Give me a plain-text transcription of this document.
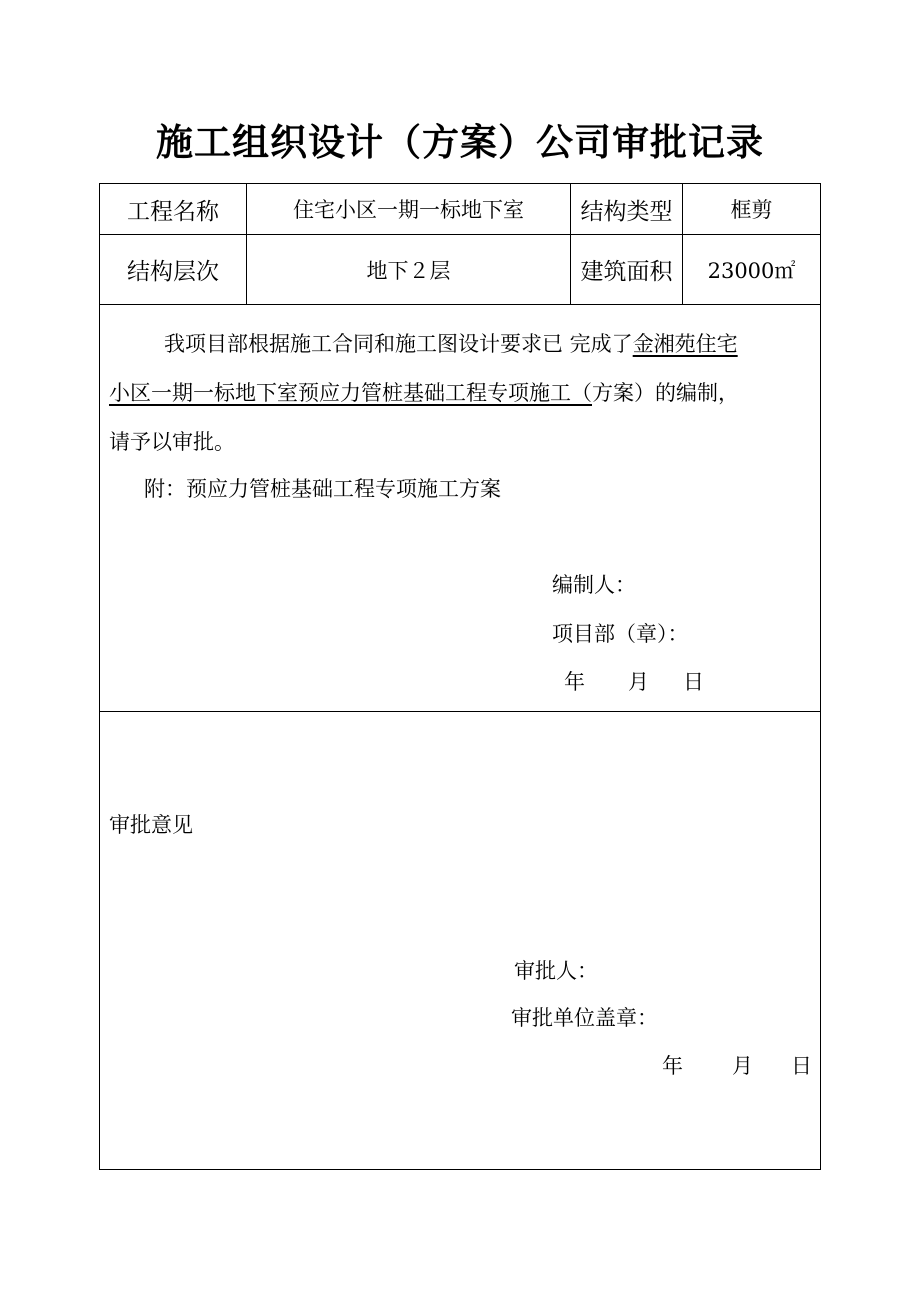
施工组织设计（方案）公司审批记录
工程名称	住宅小区一期一标地下室	结构类型	框剪
结构层次	地下２层	建筑面积	23000㎡
我项目部根据施工合同和施工图设计要求已 完成了金湘苑住宅
小区一期一标地下室预应力管桩基础工程专项施工（方案）的编制，
请予以审批。
附：预应力管桩基础工程专项施工方案
编制人：
项目部（章）：
年 月 日
审批意见
审批人：
审批单位盖章：
年 月 日
